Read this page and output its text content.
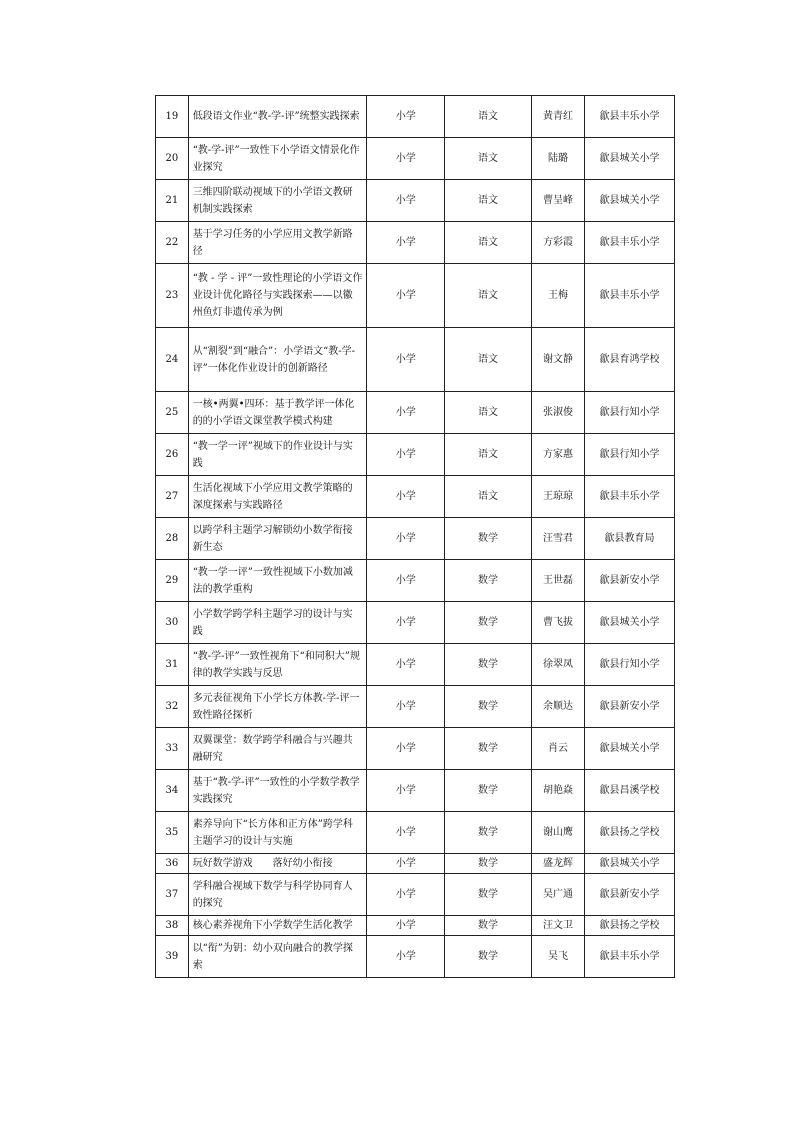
19	低段语文作业“教-学-评”统整实践探索	小学	语文	黄青红	歙县丰乐小学
20	“教-学-评”一致性下小学语文情景化作业探究	小学	语文	陆璐	歙县城关小学
21	三维四阶联动视域下的小学语文教研机制实践探索	小学	语文	曹呈峰	歙县城关小学
22	基于学习任务的小学应用文教学新路径	小学	语文	方彩霞	歙县丰乐小学
23	“教 - 学 - 评”一致性理论的小学语文作业设计优化路径与实践探索——以徽州鱼灯非遗传承为例	小学	语文	王梅	歙县丰乐小学
24	从“割裂”到“融合”：小学语文“教-学-评”一体化作业设计的创新路径	小学	语文	谢文静	歙县育鸿学校
25	一核•两翼•四环：基于教学评一体化的的小学语文课堂教学模式构建	小学	语文	张淑俊	歙县行知小学
26	“教一学一评”视域下的作业设计与实践	小学	语文	方家惠	歙县行知小学
27	生活化视域下小学应用文教学策略的深度探索与实践路径	小学	语文	王琼琼	歙县丰乐小学
28	以跨学科主题学习解锁幼小数学衔接新生态	小学	数学	汪雪君	歙县教育局
29	“教一学一评”一致性视域下小数加减法的教学重构	小学	数学	王世磊	歙县新安小学
30	小学数学跨学科主题学习的设计与实践	小学	数学	曹飞拔	歙县城关小学
31	“教-学-评”一致性视角下“和同积大”规律的教学实践与反思	小学	数学	徐翠凤	歙县行知小学
32	多元表征视角下小学长方体教-学-评一致性路径探析	小学	数学	余顺达	歙县新安小学
33	双翼课堂：数学跨学科融合与兴趣共融研究	小学	数学	肖云	歙县城关小学
34	基于“教-学-评”一致性的小学数学教学实践探究	小学	数学	胡艳焱	歙县昌溪学校
35	素养导向下“长方体和正方体”跨学科主题学习的设计与实施	小学	数学	谢山鹰	歙县扬之学校
36	玩好数学游戏　　落好幼小衔接	小学	数学	盛龙辉	歙县城关小学
37	学科融合视域下数学与科学协同育人的探究	小学	数学	吴广通	歙县新安小学
38	核心素养视角下小学数学生活化教学	小学	数学	汪文卫	歙县扬之学校
39	以“衔”为钥：幼小双向融合的教学探索	小学	数学	吴飞	歙县丰乐小学
